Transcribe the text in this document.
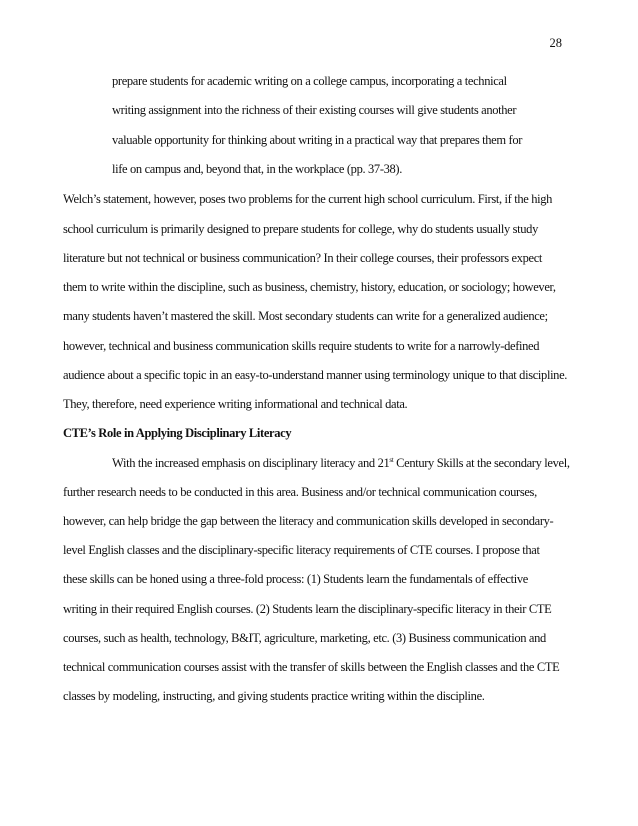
28
prepare students for academic writing on a college campus, incorporating a technical
writing assignment into the richness of their existing courses will give students another
valuable opportunity for thinking about writing in a practical way that prepares them for
life on campus and, beyond that, in the workplace (pp. 37-38).
Welch’s statement, however, poses two problems for the current high school curriculum. First, if the high
school curriculum is primarily designed to prepare students for college, why do students usually study
literature but not technical or business communication? In their college courses, their professors expect
them to write within the discipline, such as business, chemistry, history, education, or sociology; however,
many students haven’t mastered the skill. Most secondary students can write for a generalized audience;
however, technical and business communication skills require students to write for a narrowly-defined
audience about a specific topic in an easy-to-understand manner using terminology unique to that discipline.
They, therefore, need experience writing informational and technical data.
CTE’s Role in Applying Disciplinary Literacy
With the increased emphasis on disciplinary literacy and 21st Century Skills at the secondary level,
further research needs to be conducted in this area. Business and/or technical communication courses,
however, can help bridge the gap between the literacy and communication skills developed in secondary-
level English classes and the disciplinary-specific literacy requirements of CTE courses. I propose that
these skills can be honed using a three-fold process: (1) Students learn the fundamentals of effective
writing in their required English courses. (2) Students learn the disciplinary-specific literacy in their CTE
courses, such as health, technology, B&IT, agriculture, marketing, etc. (3) Business communication and
technical communication courses assist with the transfer of skills between the English classes and the CTE
classes by modeling, instructing, and giving students practice writing within the discipline.
